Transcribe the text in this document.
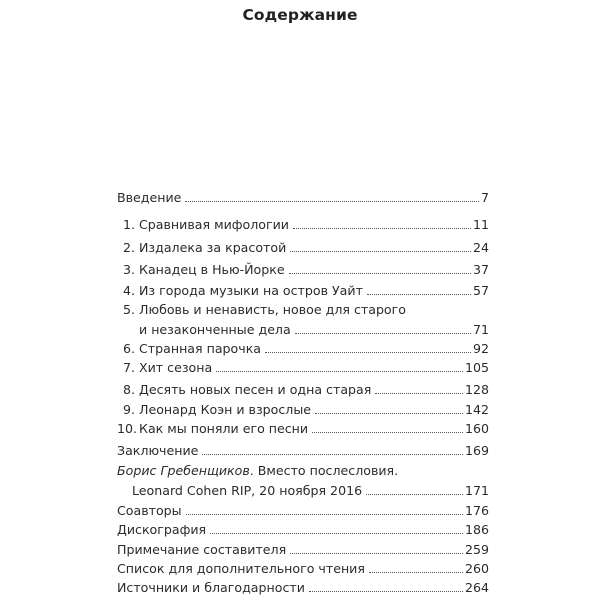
Содержание
Введение	7
1. Сравнивая мифологии	11
2. Издалека за красотой	24
3. Канадец в Нью-Йорке	37
4. Из города музыки на остров Уайт	57
5. Любовь и ненависть, новое для старого
и незаконченные дела	71
6. Странная парочка	92
7. Хит сезона	105
8. Десять новых песен и одна старая	128
9. Леонард Коэн и взрослые	142
10. Как мы поняли его песни	160
Заключение	169
Борис Гребенщиков . Вместо послесловия.
Leonard Cohen RIP, 20 ноября 2016	171
Соавторы	176
Дискография	186
Примечание составителя	259
Список для дополнительного чтения	260
Источники и благодарности	264
